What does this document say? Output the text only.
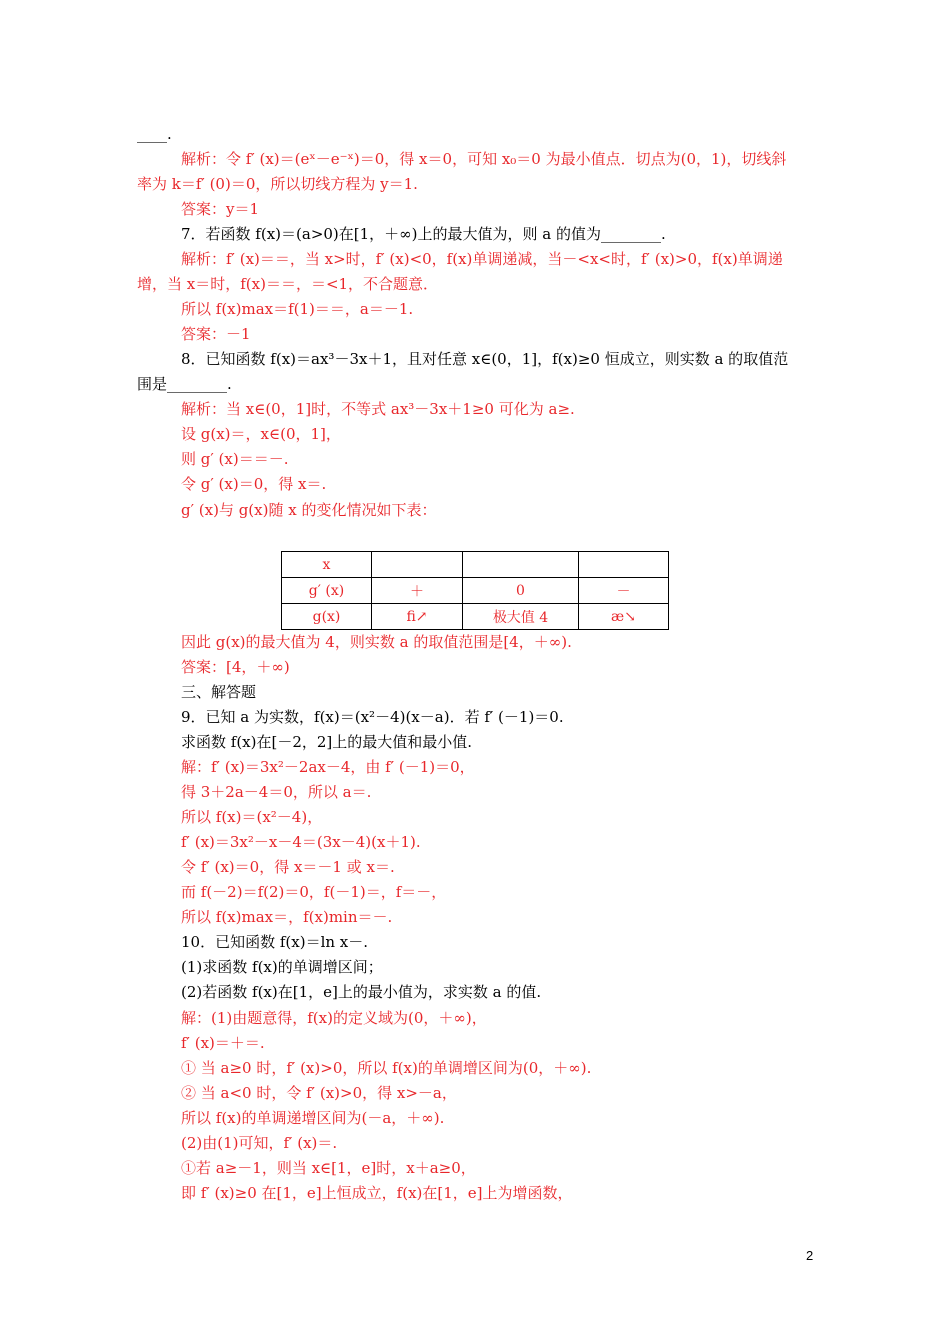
____.
解析：令 f′ (x)＝(eˣ－e⁻ˣ)＝0，得 x＝0，可知 x₀＝0 为最小值点．切点为(0，1)，切线斜
率为 k＝f′ (0)＝0，所以切线方程为 y＝1.
答案：y＝1
7．若函数 f(x)＝(a>0)在[1，＋∞)上的最大值为，则 a 的值为________.
解析：f′ (x)＝＝，当 x>时，f′ (x)<0，f(x)单调递减，当－<x<时，f′ (x)>0，f(x)单调递
增，当 x＝时，f(x)＝＝，＝<1，不合题意．
所以 f(x)max＝f(1)＝＝，a＝－1.
答案：－1
8．已知函数 f(x)＝ax³－3x＋1，且对任意 x∈(0，1]，f(x)≥0 恒成立，则实数 a 的取值范
围是________.
解析：当 x∈(0，1]时，不等式 ax³－3x＋1≥0 可化为 a≥.
设 g(x)＝，x∈(0，1]，
则 g′ (x)＝＝－.
令 g′ (x)＝0，得 x＝.
g′ (x)与 g(x)随 x 的变化情况如下表：
因此 g(x)的最大值为 4，则实数 a 的取值范围是[4，＋∞).
答案：[4，＋∞)
三、解答题
9．已知 a 为实数，f(x)＝(x²－4)(x－a)．若 f′ (－1)＝0.
求函数 f(x)在[－2，2]上的最大值和最小值.
解：f′ (x)＝3x²－2ax－4，由 f′ (－1)＝0，
得 3＋2a－4＝0，所以 a＝.
所以 f(x)＝(x²－4)，
f′ (x)＝3x²－x－4＝(3x－4)(x＋1).
令 f′ (x)＝0，得 x＝－1 或 x＝.
而 f(－2)＝f(2)＝0，f(－1)＝，f＝－，
所以 f(x)max＝，f(x)min＝－.
10．已知函数 f(x)＝ln x－.
(1)求函数 f(x)的单调增区间；
(2)若函数 f(x)在[1，e]上的最小值为，求实数 a 的值.
解：(1)由题意得，f(x)的定义域为(0，＋∞)，
f′ (x)＝＋＝.
① 当 a≥0 时，f′ (x)>0，所以 f(x)的单调增区间为(0，＋∞).
② 当 a<0 时，令 f′ (x)>0，得 x>－a，
所以 f(x)的单调递增区间为(－a，＋∞).
(2)由(1)可知，f′ (x)＝.
①若 a≥－1，则当 x∈[1，e]时，x＋a≥0，
即 f′ (x)≥0 在[1，e]上恒成立，f(x)在[1，e]上为增函数，
x			
g′ (x)	＋	0	－
g(x)	ﬁ↗	极大值 4	æ↘
2
